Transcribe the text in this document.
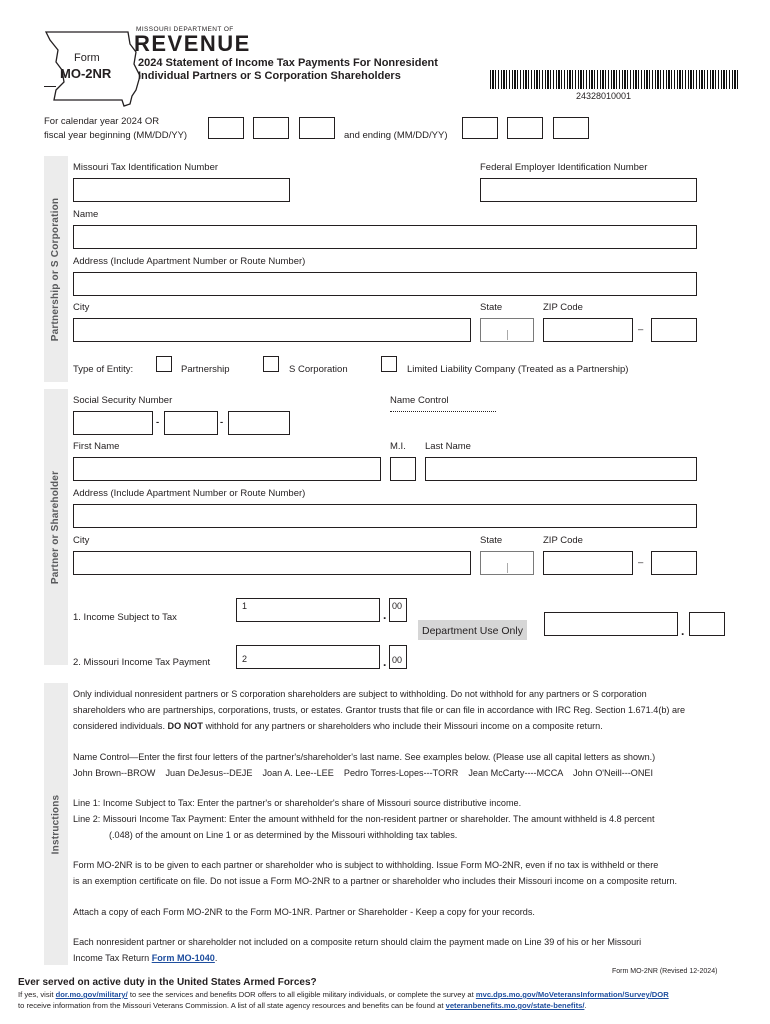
Form
MO-2NR
MISSOURI DEPARTMENT OF
REVENUE
2024 Statement of Income Tax Payments For Nonresident
Individual Partners or S Corporation Shareholders
24328010001
For calendar year 2024 OR
fiscal year beginning (MM/DD/YY)	and ending (MM/DD/YY)
Partnership or S Corporation
Missouri Tax Identification Number	Federal Employer Identification Number
Name
Address (Include Apartment Number or Route Number)
City	State	ZIP Code
–
Type of Entity:	Partnership	S Corporation	Limited Liability Company (Treated as a Partnership)
Partner or Shareholder
Social Security Number	Name Control
-	-
First Name	M.I. Last Name
Address (Include Apartment Number or Route Number)
City	State	ZIP Code
–
1. Income Subject to Tax
1
.
00
Department Use Only	.
2. Missouri Income Tax Payment	2	. 00
Instructions

Only individual nonresident partners or S corporation shareholders are subject to withholding. Do not withhold for any partners or S corporation

shareholders who are partnerships, corporations, trusts, or estates. Grantor trusts that file or can file in accordance with IRC Reg. Section 1.671.4(b) are

considered individuals. DO NOT withhold for any partners or shareholders who include their Missouri income on a composite return.

Name Control—Enter the first four letters of the partner's/shareholder's last name. See examples below. (Please use all capital letters as shown.)

John Brown--BROW    Juan DeJesus--DEJE    Joan A. Lee--LEE    Pedro Torres-Lopes---TORR    Jean McCarty----MCCA    John O'Neill---ONEI

Line 1: Income Subject to Tax: Enter the partner's or shareholder's share of Missouri source distributive income.

Line 2: Missouri Income Tax Payment: Enter the amount withheld for the non-resident partner or shareholder. The amount withheld is 4.8 percent

(.048) of the amount on Line 1 or as determined by the Missouri withholding tax tables.

Form MO-2NR is to be given to each partner or shareholder who is subject to withholding. Issue Form MO-2NR, even if no tax is withheld or there

is an exemption certificate on file. Do not issue a Form MO-2NR to a partner or shareholder who includes their Missouri income on a composite return.

Attach a copy of each Form MO-2NR to the Form MO-1NR. Partner or Shareholder - Keep a copy for your records.

Each nonresident partner or shareholder not included on a composite return should claim the payment made on Line 39 of his or her Missouri

Income Tax Return Form MO-1040.

Form MO-2NR (Revised 12-2024)
Ever served on active duty in the United States Armed Forces?
If yes, visit dor.mo.gov/military/ to see the services and benefits DOR offers to all eligible military individuals, or complete the survey at mvc.dps.mo.gov/MoVeteransInformation/Survey/DOR
to receive information from the Missouri Veterans Commission. A list of all state agency resources and benefits can be found at veteranbenefits.mo.gov/state-benefits/.
